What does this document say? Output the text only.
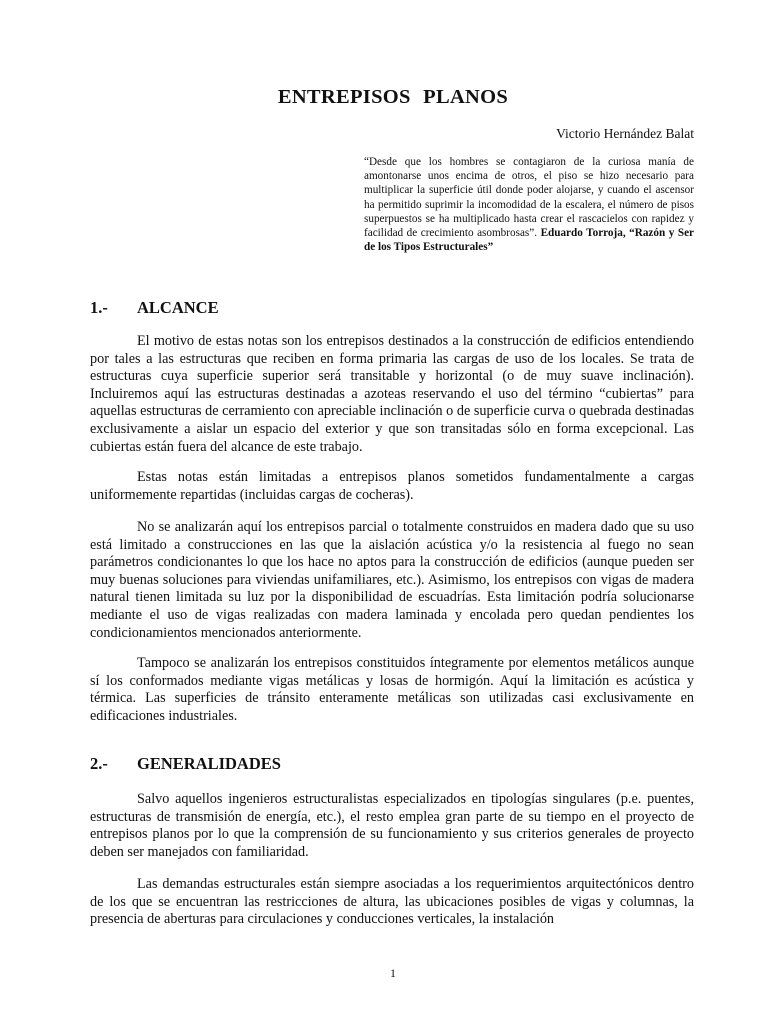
ENTREPISOS PLANOS

Victorio Hernández Balat

“Desde que los hombres se contagiaron de la curiosa manía de amontonarse unos encima de otros, el piso se hizo necesario para multiplicar la superficie útil donde poder alojarse, y cuando el ascensor ha permitido suprimir la incomodidad de la escalera, el número de pisos superpuestos se ha multiplicado hasta crear el rascacielos con rapidez y facilidad de crecimiento asombrosas”. Eduardo Torroja, “Razón y Ser de los Tipos Estructurales”

1.- ALCANCE

El motivo de estas notas son los entrepisos destinados a la construcción de edificios entendiendo por tales a las estructuras que reciben en forma primaria las cargas de uso de los locales. Se trata de estructuras cuya superficie superior será transitable y horizontal (o de muy suave inclinación). Incluiremos aquí las estructuras destinadas a azoteas reservando el uso del término “cubiertas” para aquellas estructuras de cerramiento con apreciable inclinación o de superficie curva o quebrada destinadas exclusivamente a aislar un espacio del exterior y que son transitadas sólo en forma excepcional. Las cubiertas están fuera del alcance de este trabajo.

Estas notas están limitadas a entrepisos planos sometidos fundamentalmente a cargas uniformemente repartidas (incluidas cargas de cocheras).

No se analizarán aquí los entrepisos parcial o totalmente construidos en madera dado que su uso está limitado a construcciones en las que la aislación acústica y/o la resistencia al fuego no sean parámetros condicionantes lo que los hace no aptos para la construcción de edificios (aunque pueden ser muy buenas soluciones para viviendas unifamiliares, etc.). Asimismo, los entrepisos con vigas de madera natural tienen limitada su luz por la disponibilidad de escuadrías. Esta limitación podría solucionarse mediante el uso de vigas realizadas con madera laminada y encolada pero quedan pendientes los condicionamientos mencionados anteriormente.

Tampoco se analizarán los entrepisos constituidos íntegramente por elementos metálicos aunque sí los conformados mediante vigas metálicas y losas de hormigón. Aquí la limitación es acústica y térmica. Las superficies de tránsito enteramente metálicas son utilizadas casi exclusivamente en edificaciones industriales.

2.- GENERALIDADES

Salvo aquellos ingenieros estructuralistas especializados en tipologías singulares (p.e. puentes, estructuras de transmisión de energía, etc.), el resto emplea gran parte de su tiempo en el proyecto de entrepisos planos por lo que la comprensión de su funcionamiento y sus criterios generales de proyecto deben ser manejados con familiaridad.

Las demandas estructurales están siempre asociadas a los requerimientos arquitectónicos dentro de los que se encuentran las restricciones de altura, las ubicaciones posibles de vigas y columnas, la presencia de aberturas para circulaciones y conducciones verticales, la instalación

1
